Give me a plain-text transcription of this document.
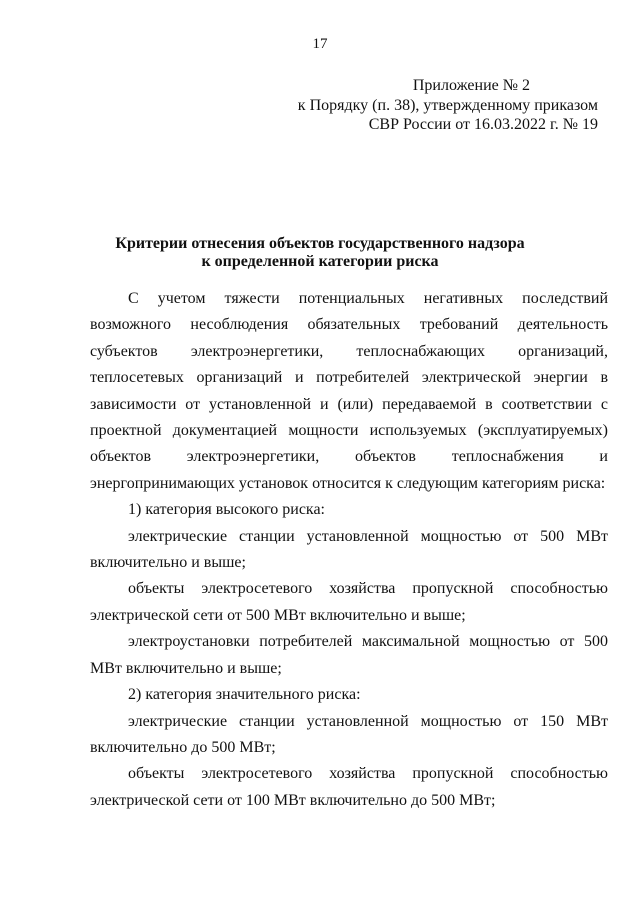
17
Приложение № 2
к Порядку (п. 38), утвержденному приказом
СВР России от 16.03.2022 г. № 19
Критерии отнесения объектов государственного надзора
к определенной категории риска

С учетом тяжести потенциальных негативных последствий возможного несоблюдения обязательных требований деятельность субъектов электроэнергетики, теплоснабжающих организаций, теплосетевых организаций и потребителей электрической энергии в зависимости от установленной и (или) передаваемой в соответствии с проектной документацией мощности используемых (эксплуатируемых) объектов электроэнергетики, объектов теплоснабжения и энергопринимающих установок относится к следующим категориям риска:

1) категория высокого риска:

электрические станции установленной мощностью от 500 МВт включительно и выше;

объекты электросетевого хозяйства пропускной способностью электрической сети от 500 МВт включительно и выше;

электроустановки потребителей максимальной мощностью от 500 МВт включительно и выше;

2) категория значительного риска:

электрические станции установленной мощностью от 150 МВт включительно до 500 МВт;

объекты электросетевого хозяйства пропускной способностью электрической сети от 100 МВт включительно до 500 МВт;
